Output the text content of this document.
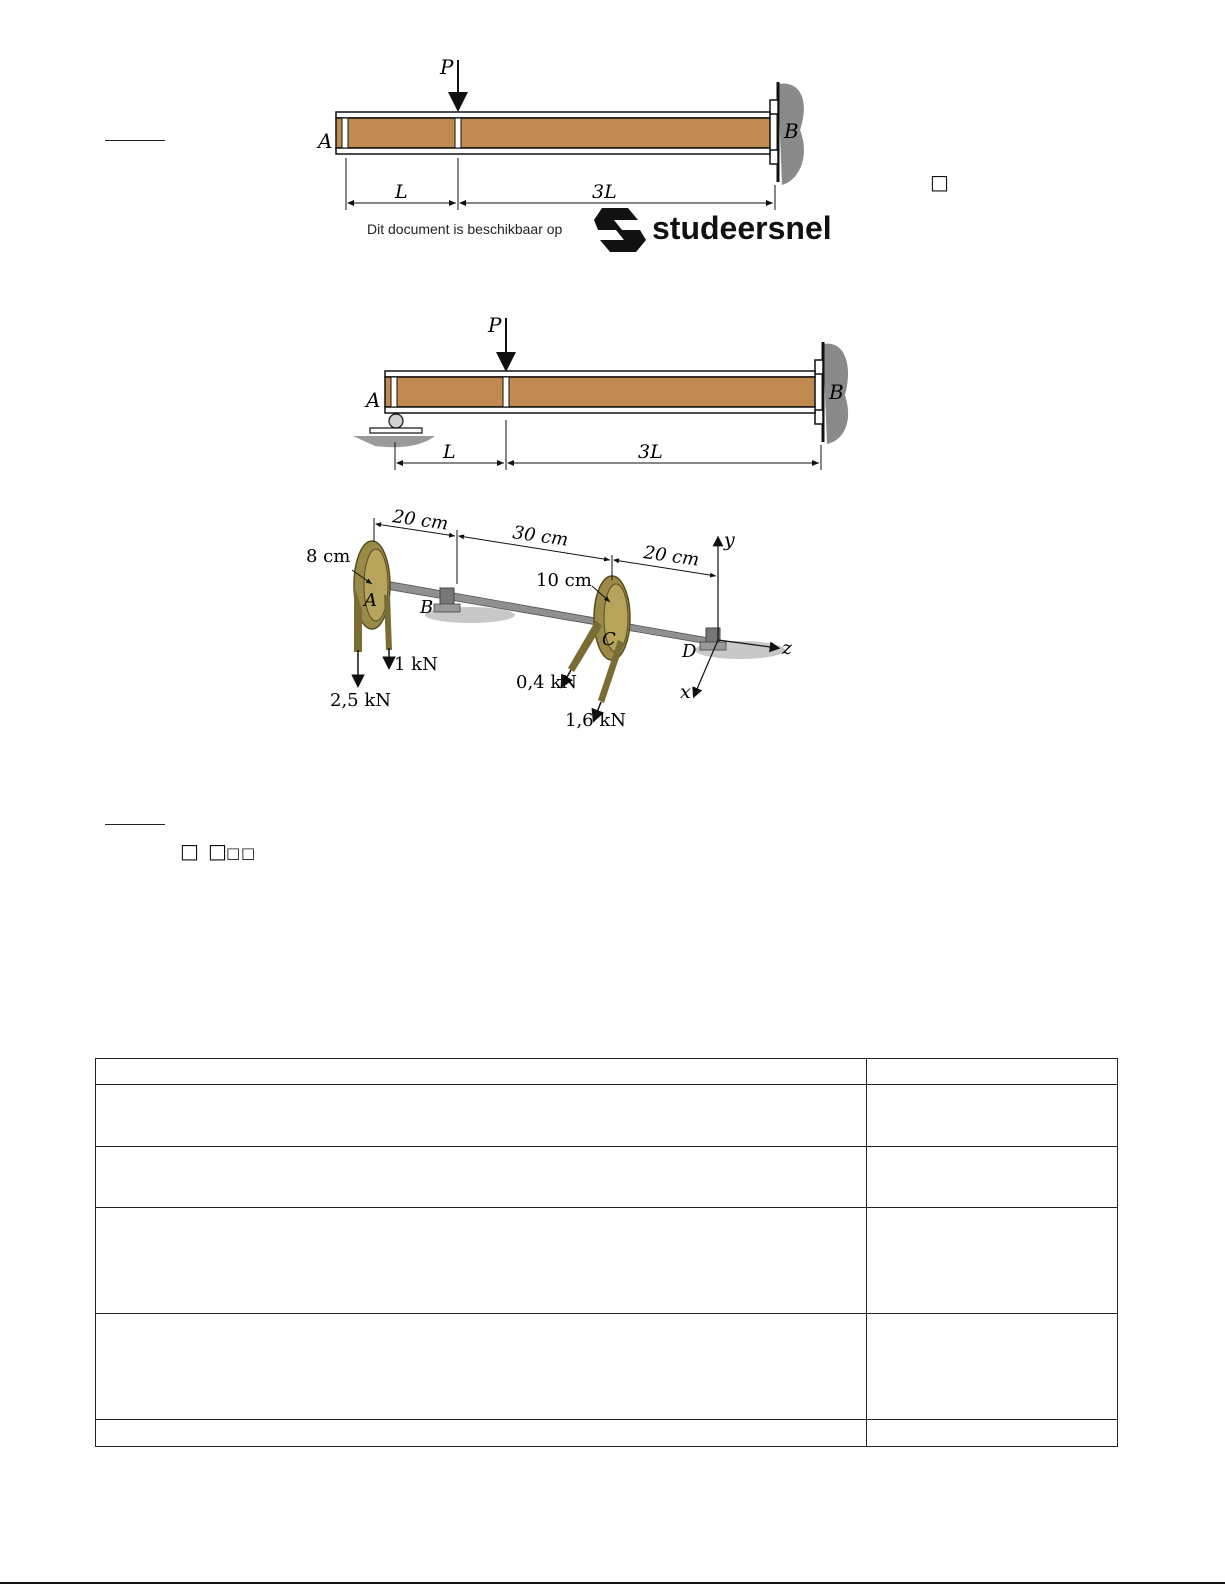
□
□ □ □ □
P
A	B
L	3L
Dit document is beschikbaar op	studeersnel
P
A	B
L	3L
y
z
x
20 cm
30 cm
20 cm
8 cm
10 cm
A B
C
D
1 kN
2,5 kN
0,4 kN
1,6 kN
